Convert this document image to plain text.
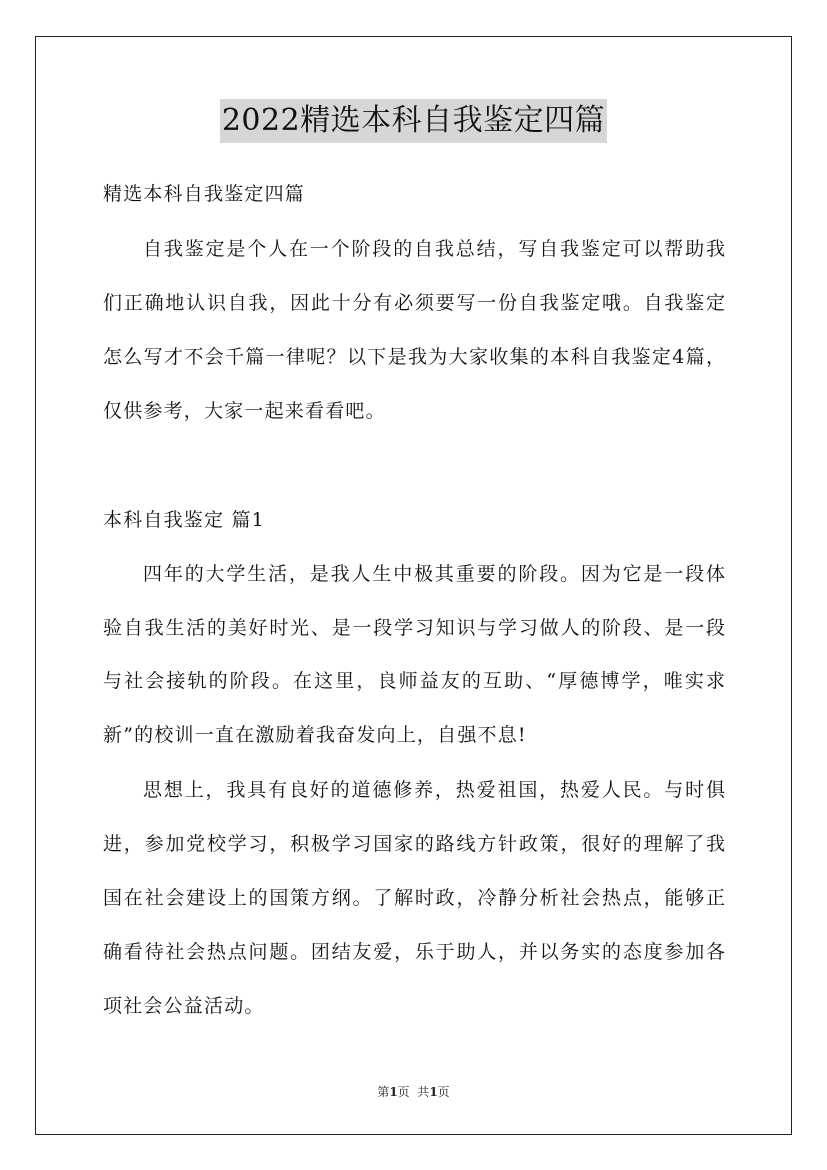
2022精选本科自我鉴定四篇
精选本科自我鉴定四篇
自我鉴定是个人在一个阶段的自我总结，写自我鉴定可以帮助我
们正确地认识自我，因此十分有必须要写一份自我鉴定哦。自我鉴定
怎么写才不会千篇一律呢？以下是我为大家收集的本科自我鉴定4篇，
仅供参考，大家一起来看看吧。
本科自我鉴定 篇1
四年的大学生活，是我人生中极其重要的阶段。因为它是一段体
验自我生活的美好时光、是一段学习知识与学习做人的阶段、是一段
与社会接轨的阶段。在这里，良师益友的互助、“厚德博学，唯实求
新”的校训一直在激励着我奋发向上，自强不息!
思想上，我具有良好的道德修养，热爱祖国，热爱人民。与时俱
进，参加党校学习，积极学习国家的路线方针政策，很好的理解了我
国在社会建设上的国策方纲。了解时政，冷静分析社会热点，能够正
确看待社会热点问题。团结友爱，乐于助人，并以务实的态度参加各
项社会公益活动。
第1页  共1页
